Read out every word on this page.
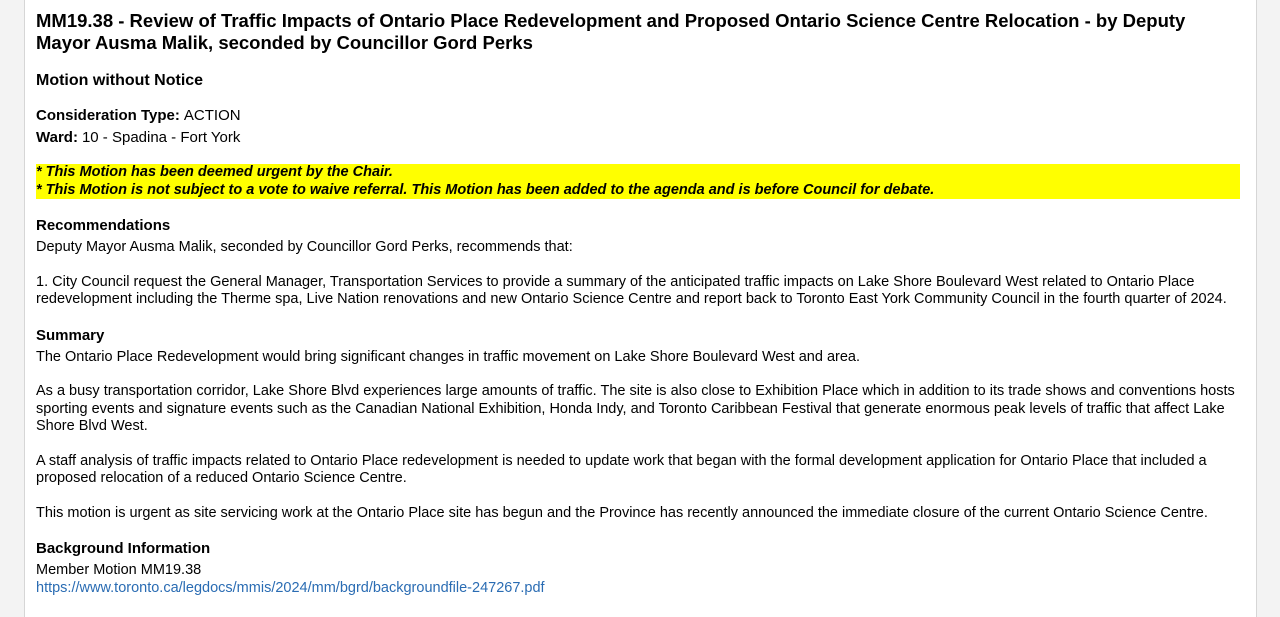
MM19.38 - Review of Traffic Impacts of Ontario Place Redevelopment and Proposed Ontario Science Centre Relocation - by Deputy Mayor Ausma Malik, seconded by Councillor Gord Perks
Motion without Notice
Consideration Type: ACTION
Ward: 10 - Spadina - Fort York
* This Motion has been deemed urgent by the Chair.
* This Motion is not subject to a vote to waive referral. This Motion has been added to the agenda and is before Council for debate.
Recommendations

Deputy Mayor Ausma Malik, seconded by Councillor Gord Perks, recommends that:

1. City Council request the General Manager, Transportation Services to provide a summary of the anticipated traffic impacts on Lake Shore Boulevard West related to Ontario Place redevelopment including the Therme spa, Live Nation renovations and new Ontario Science Centre and report back to Toronto East York Community Council in the fourth quarter of 2024.

Summary

The Ontario Place Redevelopment would bring significant changes in traffic movement on Lake Shore Boulevard West and area.

As a busy transportation corridor, Lake Shore Blvd experiences large amounts of traffic. The site is also close to Exhibition Place which in addition to its trade shows and conventions hosts sporting events and signature events such as the Canadian National Exhibition, Honda Indy, and Toronto Caribbean Festival that generate enormous peak levels of traffic that affect Lake Shore Blvd West.

A staff analysis of traffic impacts related to Ontario Place redevelopment is needed to update work that began with the formal development application for Ontario Place that included a proposed relocation of a reduced Ontario Science Centre.

This motion is urgent as site servicing work at the Ontario Place site has begun and the Province has recently announced the immediate closure of the current Ontario Science Centre.

Background Information

Member Motion MM19.38

https://www.toronto.ca/legdocs/mmis/2024/mm/bgrd/backgroundfile-247267.pdf
